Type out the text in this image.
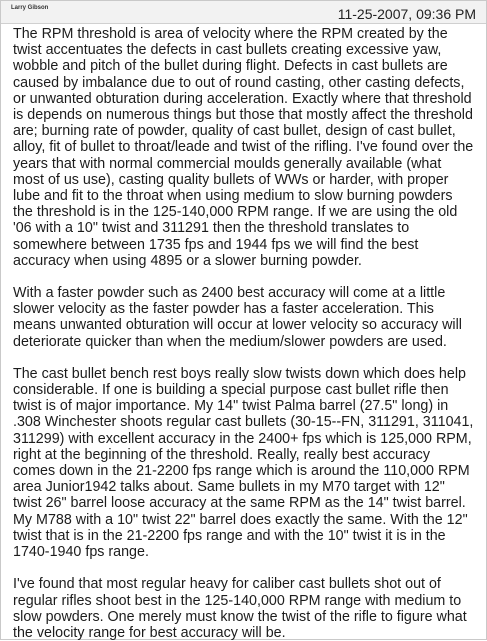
Larry Gibson	11-25-2007, 09:36 PM

The RPM threshold is area of velocity where the RPM created by the twist accentuates the defects in cast bullets creating excessive yaw, wobble and pitch of the bullet during flight. Defects in cast bullets are caused by imbalance due to out of round casting, other casting defects, or unwanted obturation during acceleration. Exactly where that threshold is depends on numerous things but those that mostly affect the threshold are; burning rate of powder, quality of cast bullet, design of cast bullet, alloy, fit of bullet to throat/leade and twist of the rifling. I've found over the years that with normal commercial moulds generally available (what most of us use), casting quality bullets of WWs or harder, with proper lube and fit to the throat when using medium to slow burning powders the threshold is in the 125-140,000 RPM range. If we are using the old '06 with a 10" twist and 311291 then the threshold translates to somewhere between 1735 fps and 1944 fps we will find the best accuracy when using 4895 or a slower burning powder.

With a faster powder such as 2400 best accuracy will come at a little slower velocity as the faster powder has a faster acceleration. This means unwanted obturation will occur at lower velocity so accuracy will deteriorate quicker than when the medium/slower powders are used.

The cast bullet bench rest boys really slow twists down which does help considerable. If one is building a special purpose cast bullet rifle then twist is of major importance. My 14" twist Palma barrel (27.5" long) in .308 Winchester shoots regular cast bullets (30-15--FN, 311291, 311041, 311299) with excellent accuracy in the 2400+ fps which is 125,000 RPM, right at the beginning of the threshold. Really, really best accuracy comes down in the 21-2200 fps range which is around the 110,000 RPM area Junior1942 talks about. Same bullets in my M70 target with 12" twist 26" barrel loose accuracy at the same RPM as the 14" twist barrel. My M788 with a 10" twist 22" barrel does exactly the same. With the 12" twist that is in the 21-2200 fps range and with the 10" twist it is in the 1740-1940 fps range.

I've found that most regular heavy for caliber cast bullets shot out of regular rifles shoot best in the 125-140,000 RPM range with medium to slow powders. One merely must know the twist of the rifle to figure what the velocity range for best accuracy will be.
